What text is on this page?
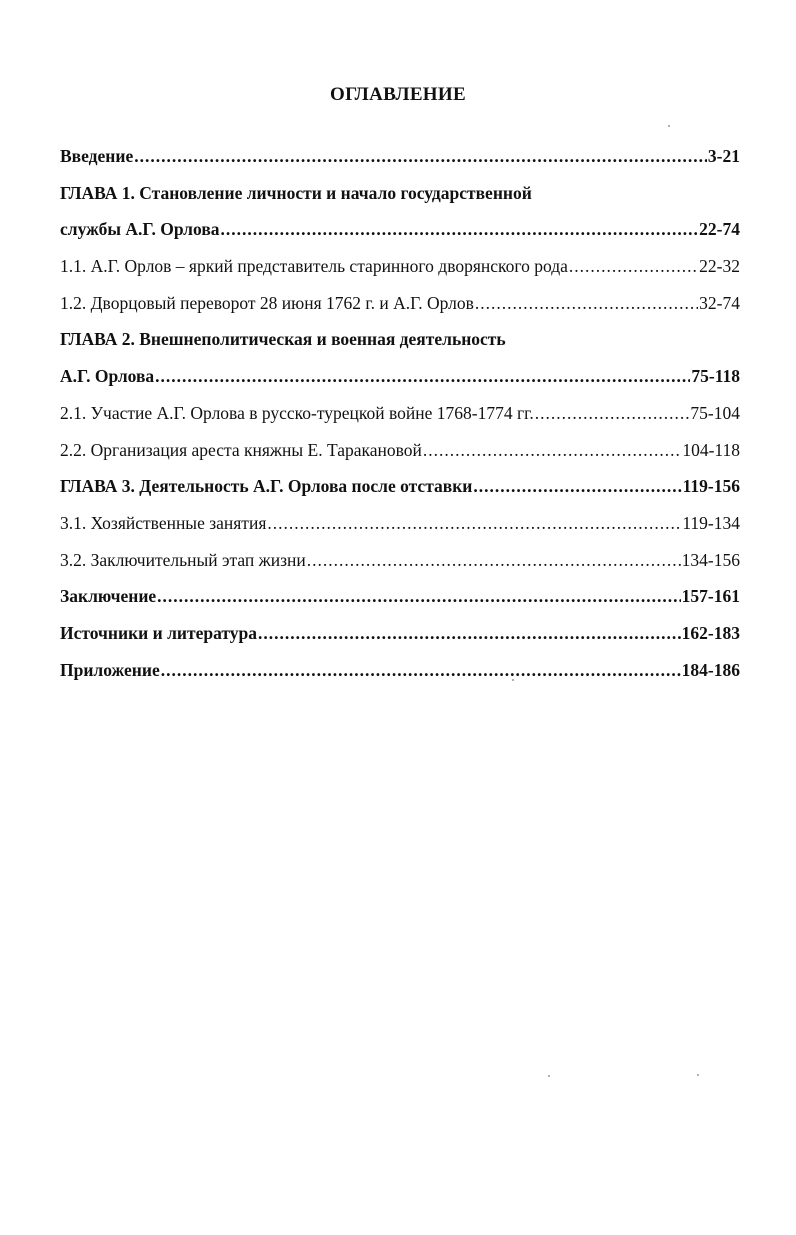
ОГЛАВЛЕНИЕ
Введение .....	3-21
ГЛАВА 1. Становление личности и начало государственной
службы А.Г. Орлова .....	22-74
1.1. А.Г. Орлов – яркий представитель старинного дворянского рода .....	22-32
1.2. Дворцовый переворот 28 июня 1762 г. и А.Г. Орлов .....	32-74
ГЛАВА 2. Внешнеполитическая и военная деятельность
А.Г. Орлова .....	75-118
2.1. Участие А.Г. Орлова в русско-турецкой войне 1768-1774 гг. .....	75-104
2.2. Организация ареста княжны Е. Таракановой .....	104-118
ГЛАВА 3. Деятельность А.Г. Орлова после отставки .....	119-156
3.1. Хозяйственные занятия .....	119-134
3.2. Заключительный этап жизни .....	134-156
Заключение .....	157-161
Источники и литература .....	162-183
Приложение .....	184-186
